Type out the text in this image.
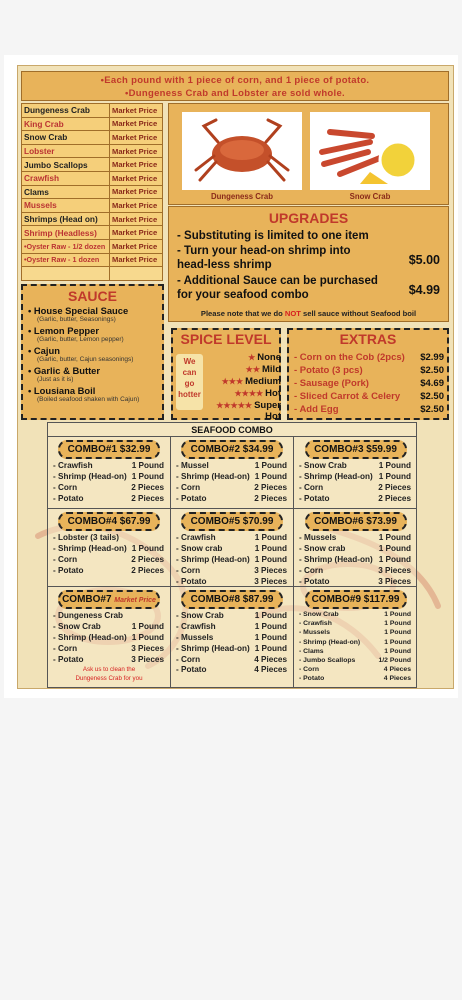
•Each pound with 1 piece of corn, and 1 piece of potato.
•Dungeness Crab and Lobster are sold whole.
Dungeness Crab	Market Price
King Crab	Market Price
Snow Crab	Market Price
Lobster	Market Price
Jumbo Scallops	Market Price
Crawfish	Market Price
Clams	Market Price
Mussels	Market Price
Shrimps (Head on)	Market Price
Shrimp (Headless)	Market Price
•Oyster Raw - 1/2 dozen	Market Price
•Oyster Raw - 1 dozen	Market Price

Dungeness Crab	Snow Crab
UPGRADES
- Substituting is limited to one item
- Turn your head-on shrimp into
head-less shrimp	$5.00
- Additional Sauce can be purchased
for your seafood combo	$4.99
Please note that we do NOT sell sauce without Seafood boil
SAUCE
• House Special Sauce
(Garlic, butter, Seasonings)
• Lemon Pepper
(Garlic, butter, Lemon pepper)
• Cajun
(Garlic, butter, Cajun seasonings)
• Garlic & Butter
(Just as it is)
• Lousiana Boil
(Boiled seafood shaken with Cajun)
SPICE LEVEL
We
can
go
hotter
★ None
★★ Mild
★★★ Medium
★★★★ Hot
★★★★★ Super Hot
EXTRAS
- Corn on the Cob (2pcs) $2.99
- Potato (3 pcs)	$2.50
- Sausage (Pork)	$4.69
- Sliced Carrot & Celery $2.50
- Add Egg	$2.50
SEAFOOD COMBO
COMBO#1 $32.99
- Crawfish	1 Pound
- Shrimp (Head-on) 1 Pound
- Corn	2 Pieces
- Potato	2 Pieces
COMBO#2 $34.99
- Mussel	1 Pound
- Shrimp (Head-on) 1 Pound
- Corn	2 Pieces
- Potato	2 Pieces
COMBO#3 $59.99
- Snow Crab	1 Pound
- Shrimp (Head-on) 1 Pound
- Corn	2 Pieces
- Potato	2 Pieces
COMBO#4 $67.99
- Lobster (3 tails)
- Shrimp (Head-on) 1 Pound
- Corn	2 Pieces
- Potato	2 Pieces
COMBO#5 $70.99
- Crawfish	1 Pound
- Snow crab	1 Pound
- Shrimp (Head-on) 1 Pound
- Corn	3 Pieces
- Potato	3 Pieces
COMBO#6 $73.99
- Mussels	1 Pound
- Snow crab	1 Pound
- Shrimp (Head-on) 1 Pound
- Corn	3 Pieces
- Potato	3 Pieces
COMBO#7 Market Price
- Dungeness Crab
- Snow Crab	1 Pound
- Shrimp (Head-on) 1 Pound
- Corn	3 Pieces
- Potato	3 Pieces
Ask us to clean the
Dungeness Crab for you
COMBO#8 $87.99
- Snow Crab	1 Pound
- Crawfish	1 Pound
- Mussels	1 Pound
- Shrimp (Head-on) 1 Pound
- Corn	4 Pieces
- Potato	4 Pieces
COMBO#9 $117.99
- Snow Crab	1 Pound
- Crawfish	1 Pound
- Mussels	1 Pound
- Shrimp (Head-on)	1 Pound
- Clams	1 Pound
- Jumbo Scallops	1/2 Pound
- Corn	4 Pieces
- Potato	4 Pieces
